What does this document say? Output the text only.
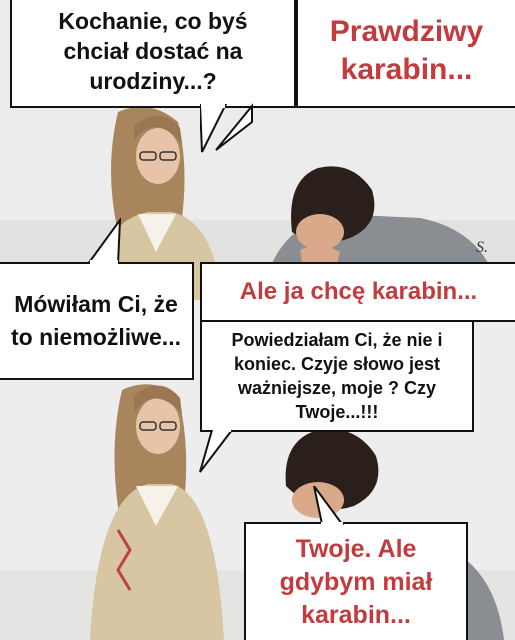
S.
Kochanie, co byś chciał dostać na urodziny...?
Prawdziwy karabin...
Mówiłam Ci, że to niemożliwe...
Ale ja chcę karabin...
Powiedziałam Ci, że nie i koniec. Czyje słowo jest ważniejsze, moje ? Czy Twoje...!!!
Twoje. Ale gdybym miał karabin...
